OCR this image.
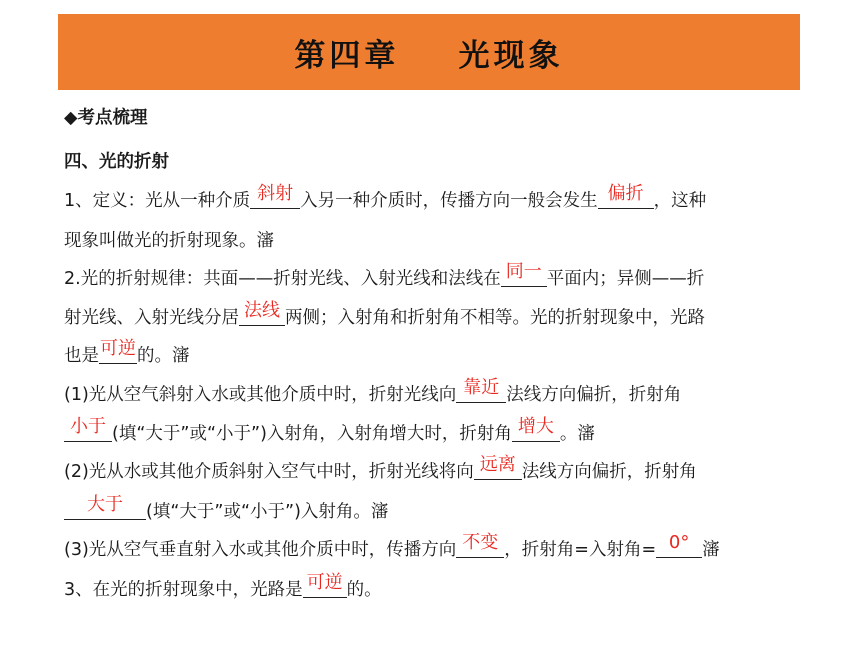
第四章    光现象
◆考点梳理
四、光的折射
1、定义：光从一种介质 斜射 入另一种介质时，传播方向一般会发生 偏折 ，这种
现象叫做光的折射现象。瀋
2.光的折射规律：共面——折射光线、入射光线和法线在 同一 平面内；异侧——折
射光线、入射光线分居 法线 两侧；入射角和折射角不相等。光的折射现象中，光路
也是 可逆 的。瀋
(1)光从空气斜射入水或其他介质中时，折射光线向 靠近 法线方向偏折，折射角
小于 (填“大于”或“小于”)入射角，入射角增大时，折射角 增大 。瀋
(2)光从水或其他介质斜射入空气中时，折射光线将向 远离 法线方向偏折，折射角
大于 (填“大于”或“小于”)入射角。瀋
(3)光从空气垂直射入水或其他介质中时，传播方向 不变 ，折射角=入射角= 0° 瀋
3、在光的折射现象中，光路是 可逆 的。
